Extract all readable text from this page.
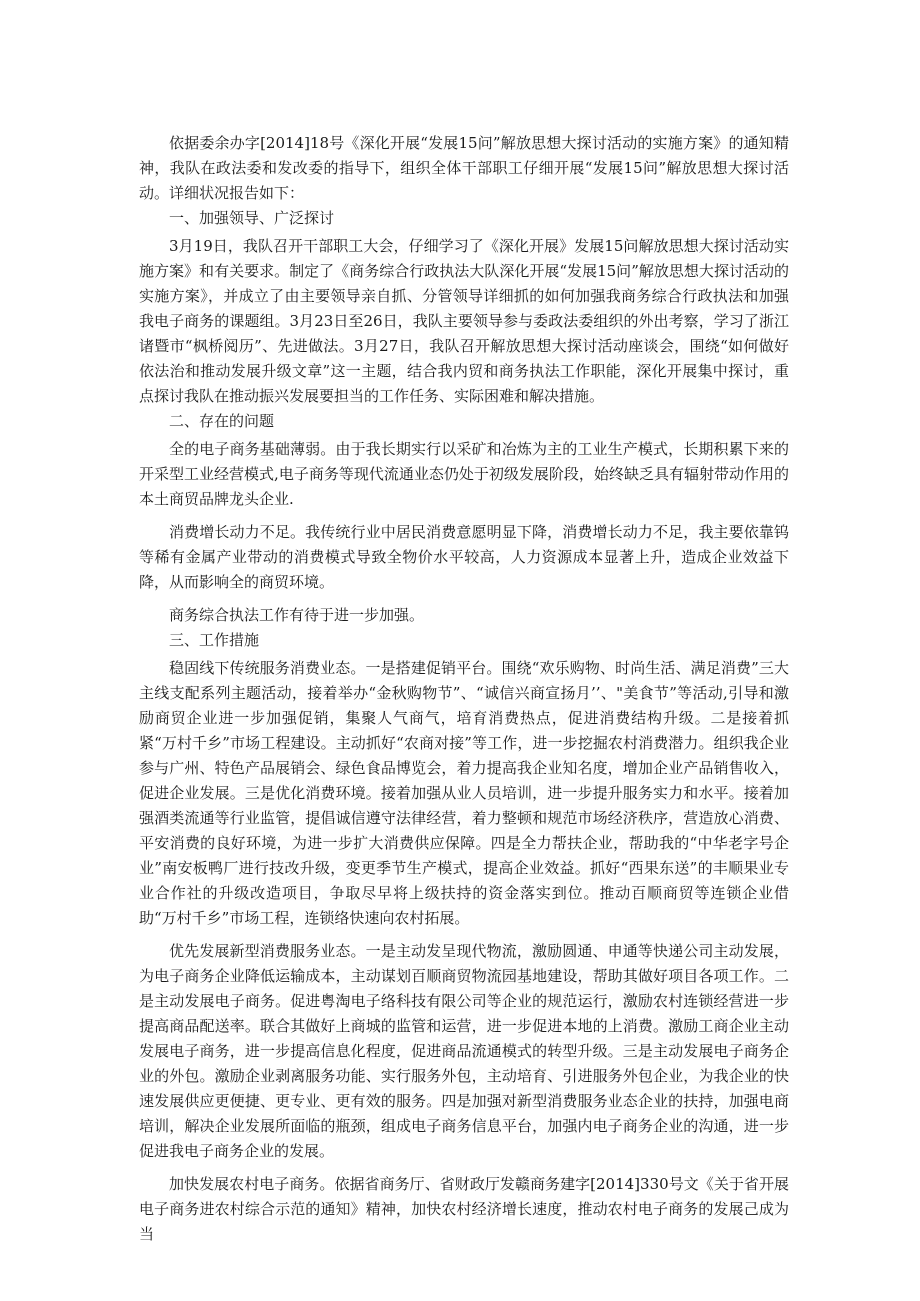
依据委余办字[2014]18号《深化开展“发展15问”解放思想大探讨活动的实施方案》的通知精神，我队在政法委和发改委的指导下，组织全体干部职工仔细开展“发展15问”解放思想大探讨活动。详细状况报告如下：

一、加强领导、广泛探讨

3月19日，我队召开干部职工大会，仔细学习了《深化开展》发展15问解放思想大探讨活动实施方案》和有关要求。制定了《商务综合行政执法大队深化开展“发展15问”解放思想大探讨活动的实施方案》，并成立了由主要领导亲自抓、分管领导详细抓的如何加强我商务综合行政执法和加强我电子商务的课题组。3月23日至26日，我队主要领导参与委政法委组织的外出考察，学习了浙江诸暨市“枫桥阅历”、先进做法。3月27日，我队召开解放思想大探讨活动座谈会，围绕“如何做好依法治和推动发展升级文章”这一主题，结合我内贸和商务执法工作职能，深化开展集中探讨，重点探讨我队在推动振兴发展要担当的工作任务、实际困难和解决措施。

二、存在的问题

全的电子商务基础薄弱。由于我长期实行以采矿和冶炼为主的工业生产模式，长期积累下来的开采型工业经营模式,电子商务等现代流通业态仍处于初级发展阶段，始终缺乏具有辐射带动作用的本土商贸品牌龙头企业.

消费增长动力不足。我传统行业中居民消费意愿明显下降，消费增长动力不足，我主要依靠钨等稀有金属产业带动的消费模式导致全物价水平较高，人力资源成本显著上升，造成企业效益下降，从而影响全的商贸环境。

商务综合执法工作有待于进一步加强。

三、工作措施

稳固线下传统服务消费业态。一是搭建促销平台。围绕“欢乐购物、时尚生活、满足消费”三大主线支配系列主题活动，接着举办“金秋购物节”、“诚信兴商宣扬月’’、"美食节”等活动,引导和激励商贸企业进一步加强促销，集聚人气商气，培育消费热点，促进消费结构升级。二是接着抓紧“万村千乡”市场工程建设。主动抓好“农商对接”等工作，进一步挖掘农村消费潜力。组织我企业参与广州、特色产品展销会、绿色食品博览会，着力提高我企业知名度，增加企业产品销售收入，促进企业发展。三是优化消费环境。接着加强从业人员培训，进一步提升服务实力和水平。接着加强酒类流通等行业监管，提倡诚信遵守法律经营，着力整顿和规范市场经济秩序，营造放心消费、平安消费的良好环境，为进一步扩大消费供应保障。四是全力帮扶企业，帮助我的“中华老字号企业”南安板鸭厂进行技改升级，变更季节生产模式，提高企业效益。抓好“西果东送”的丰顺果业专业合作社的升级改造项目，争取尽早将上级扶持的资金落实到位。推动百顺商贸等连锁企业借助“万村千乡”市场工程，连锁络快速向农村拓展。

优先发展新型消费服务业态。一是主动发呈现代物流，激励圆通、申通等快递公司主动发展，为电子商务企业降低运输成本，主动谋划百顺商贸物流园基地建设，帮助其做好项目各项工作。二是主动发展电子商务。促进粤淘电子络科技有限公司等企业的规范运行，激励农村连锁经营进一步提高商品配送率。联合其做好上商城的监管和运营，进一步促进本地的上消费。激励工商企业主动发展电子商务，进一步提高信息化程度，促进商品流通模式的转型升级。三是主动发展电子商务企业的外包。激励企业剥离服务功能、实行服务外包，主动培育、引进服务外包企业，为我企业的快速发展供应更便捷、更专业、更有效的服务。四是加强对新型消费服务业态企业的扶持，加强电商培训，解决企业发展所面临的瓶颈，组成电子商务信息平台，加强内电子商务企业的沟通，进一步促进我电子商务企业的发展。

加快发展农村电子商务。依据省商务厅、省财政厅发赣商务建字[2014]330号文《关于省开展电子商务进农村综合示范的通知》精神，加快农村经济增长速度，推动农村电子商务的发展己成为当
